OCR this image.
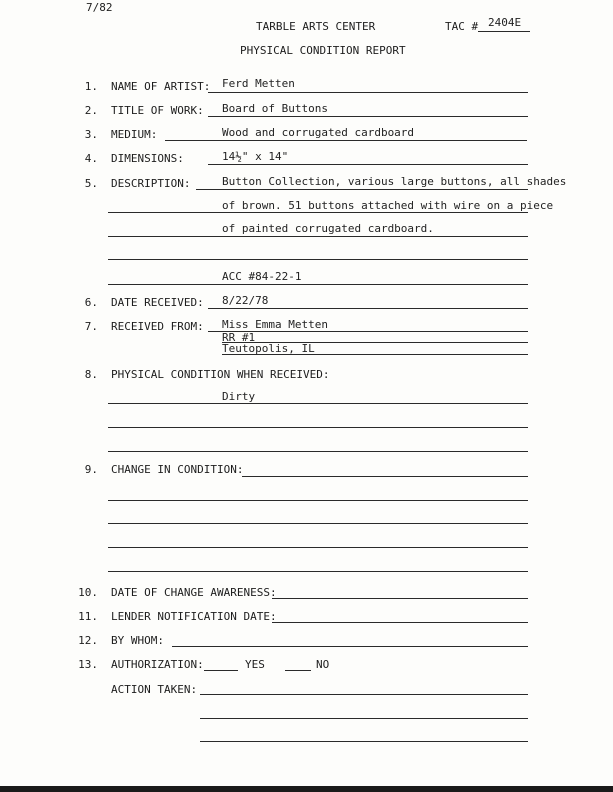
7/82
TARBLE ARTS CENTER	TAC # 2404E
PHYSICAL CONDITION REPORT
1. NAME OF ARTIST: Ferd Metten
2. TITLE OF WORK: Board of Buttons
3. MEDIUM:	Wood and corrugated cardboard
4. DIMENSIONS:	14½" x 14"
5. DESCRIPTION:	Button Collection, various large buttons, all shades
of brown. 51 buttons attached with wire on a piece
of painted corrugated cardboard.
ACC #84-22-1
6. DATE RECEIVED: 8/22/78
7. RECEIVED FROM: Miss Emma Metten
RR #1
Teutopolis, IL
8. PHYSICAL CONDITION WHEN RECEIVED:
Dirty
9. CHANGE IN CONDITION:
10. DATE OF CHANGE AWARENESS:
11. LENDER NOTIFICATION DATE:
12. BY WHOM:
13. AUTHORIZATION:	YES	NO
ACTION TAKEN:
